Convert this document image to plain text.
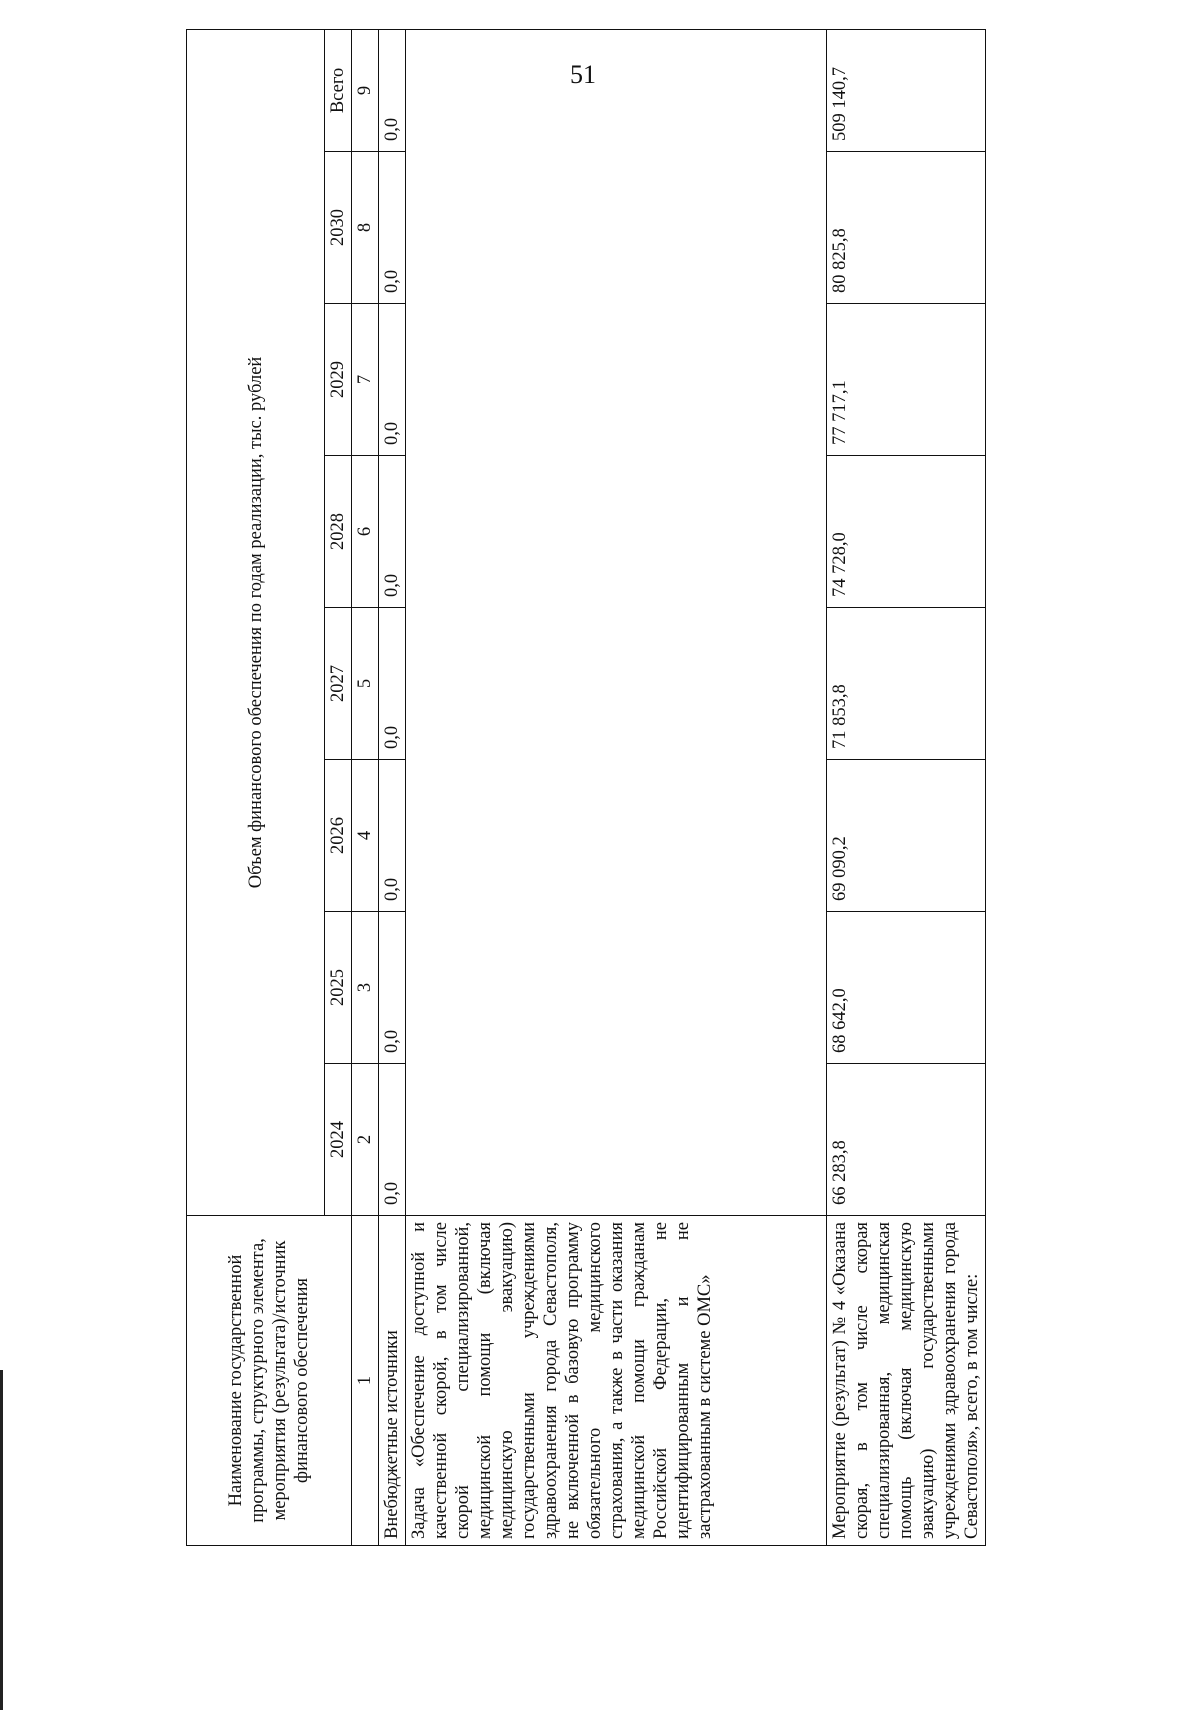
51
Наименование государственной программы, структурного элемента, мероприятия (результата)/источник финансового обеспечения	Объем финансового обеспечения по годам реализации, тыс. рублей							
	2024	2025	2026	2027	2028	2029	2030	Всего
1	2	3	4	5	6	7	8	9
Внебюджетные источники	0,0	0,0	0,0	0,0	0,0	0,0	0,0	0,0
Задача «Обеспечение доступной и качественной скорой, в том числе скорой специализированной, медицинской помощи (включая медицинскую эвакуацию) государственными учреждениями здравоохранения города Севастополя, не включенной в базовую программу обязательного медицинского страхования, а также в части оказания медицинской помощи гражданам Российской Федерации, не идентифицированным и не застрахованным в системе ОМС»								
Мероприятие (результат) № 4 «Оказана скорая, в том числе скорая специализированная, медицинская помощь (включая медицинскую эвакуацию) государственными учреждениями здравоохранения города Севастополя», всего, в том числе:	66 283,8	68 642,0	69 090,2	71 853,8	74 728,0	77 717,1	80 825,8	509 140,7
